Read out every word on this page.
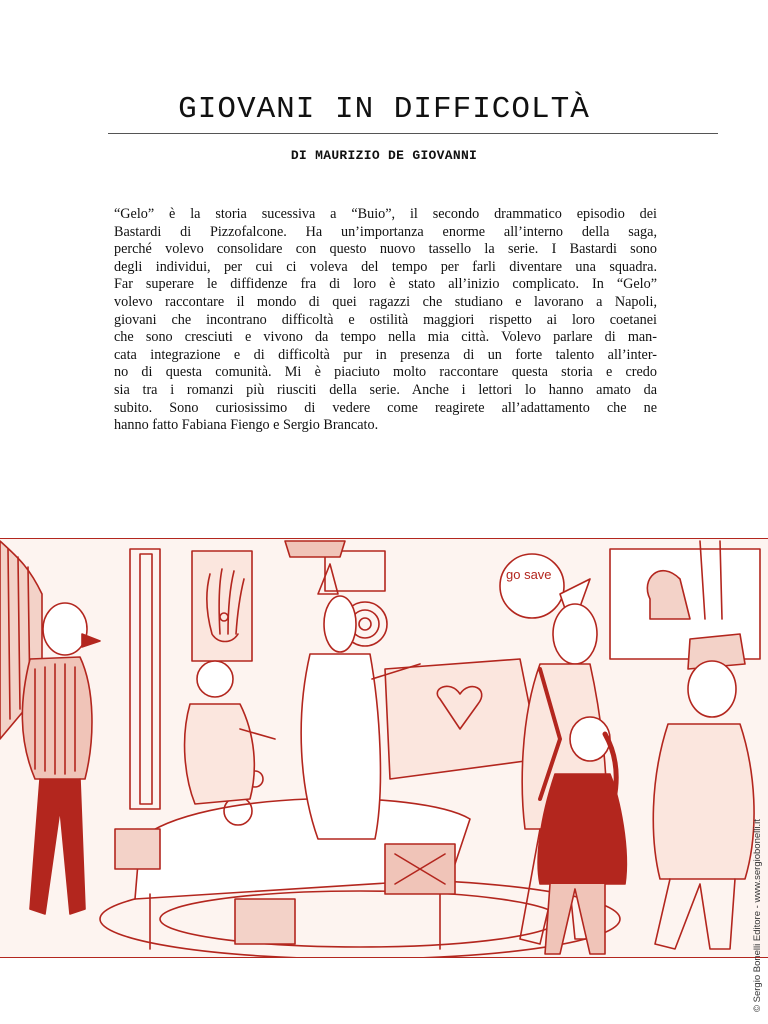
GIOVANI IN DIFFICOLTÀ
DI MAURIZIO DE GIOVANNI
“Gelo” è la storia sucessiva a “Buio”, il secondo drammatico episodio dei
Bastardi di Pizzofalcone. Ha un’importanza enorme all’interno della saga,
perché volevo consolidare con questo nuovo tassello la serie. I Bastardi sono
degli individui, per cui ci voleva del tempo per farli diventare una squadra.
Far superare le diffidenze fra di loro è stato all’inizio complicato. In “Gelo”
volevo raccontare il mondo di quei ragazzi che studiano e lavorano a Napoli,
giovani che incontrano difficoltà e ostilità maggiori rispetto ai loro coetanei
che sono cresciuti e vivono da tempo nella mia città. Volevo parlare di man-
cata integrazione e di difficoltà pur in presenza di un forte talento all’inter-
no di questa comunità. Mi è piaciuto molto raccontare questa storia e credo
sia tra i romanzi più riusciti della serie. Anche i lettori lo hanno amato da
subito. Sono curiosissimo di vedere come reagirete all’adattamento che ne
hanno fatto Fabiana Fiengo e Sergio Brancato.
go save
© Sergio Bonelli Editore - www.sergiobonelli.it
